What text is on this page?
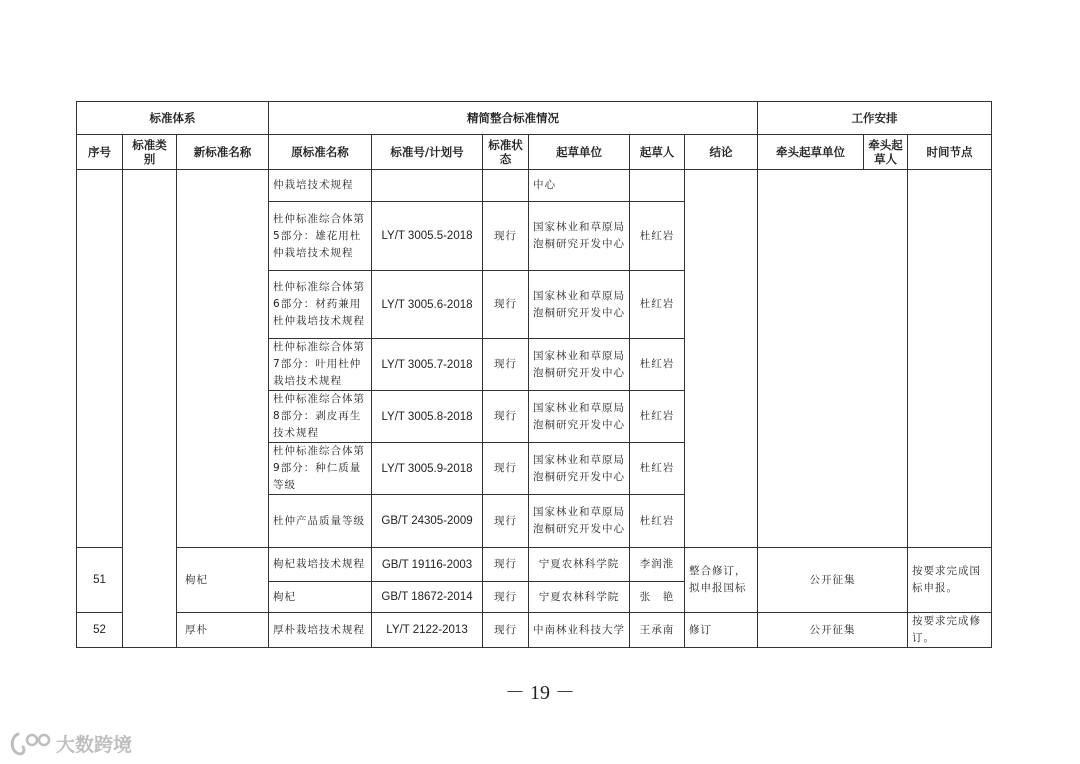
标准体系			精简整合标准情况						工作安排		
序号	标准类别	新标准名称	原标准名称	标准号/计划号	标准状态	起草单位	起草人	结论	牵头起草单位	牵头起草人	时间节点
			仲栽培技术规程			中心					
			杜仲标准综合体第5部分：雄花用杜仲栽培技术规程	LY/T 3005.5-2018	现行	国家林业和草原局泡桐研究开发中心	杜红岩				
			杜仲标准综合体第6部分：材药兼用杜仲栽培技术规程	LY/T 3005.6-2018	现行	国家林业和草原局泡桐研究开发中心	杜红岩				
			杜仲标准综合体第7部分：叶用杜仲栽培技术规程	LY/T 3005.7-2018	现行	国家林业和草原局泡桐研究开发中心	杜红岩				
			杜仲标准综合体第8部分：剥皮再生技术规程	LY/T 3005.8-2018	现行	国家林业和草原局泡桐研究开发中心	杜红岩				
			杜仲标准综合体第9部分：种仁质量等级	LY/T 3005.9-2018	现行	国家林业和草原局泡桐研究开发中心	杜红岩				
			杜仲产品质量等级	GB/T 24305-2009	现行	国家林业和草原局泡桐研究开发中心	杜红岩				
51		枸杞	枸杞栽培技术规程	GB/T 19116-2003	现行	宁夏农林科学院	李润淮	整合修订，拟申报国标	公开征集		按要求完成国标申报。
			枸杞	GB/T 18672-2014	现行	宁夏农林科学院	张　艳				
52		厚朴	厚朴栽培技术规程	LY/T 2122-2013	现行	中南林业科技大学	王承南	修订	公开征集		按要求完成修订。
－ 19 －
大数跨境
